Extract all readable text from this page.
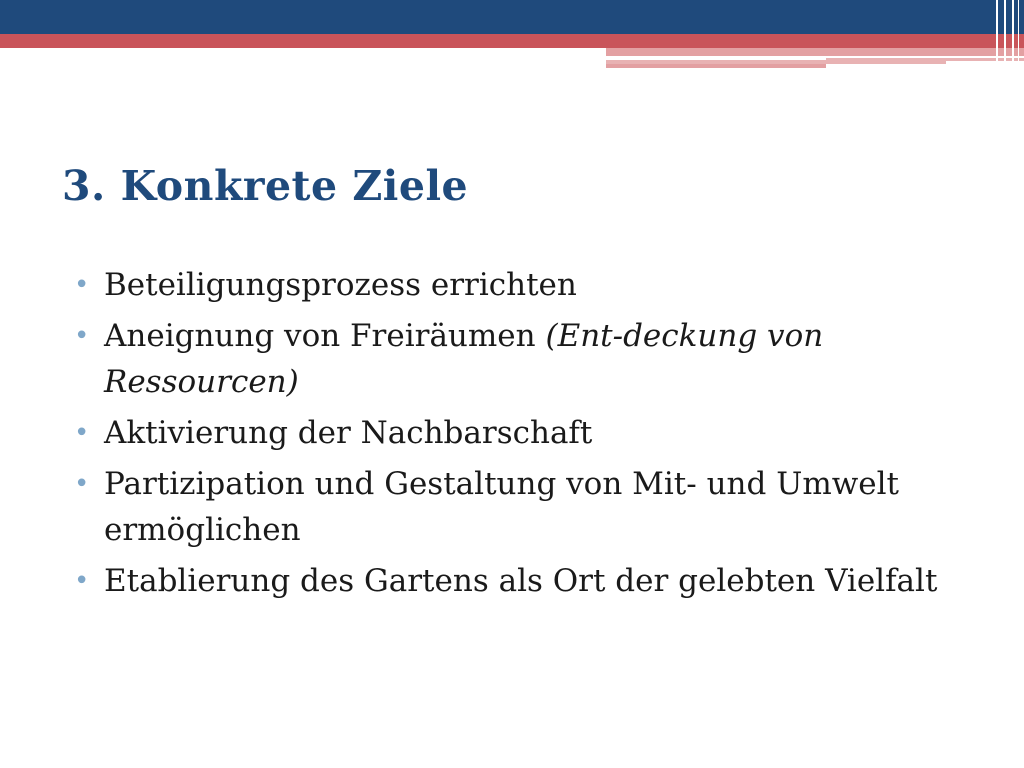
3. Konkrete Ziele
• Beteiligungsprozess errichten
• Aneignung von Freiräumen (Ent-deckung von Ressourcen)
• Aktivierung der Nachbarschaft
• Partizipation und Gestaltung von Mit- und Umwelt ermöglichen
• Etablierung des Gartens als Ort der gelebten Vielfalt
